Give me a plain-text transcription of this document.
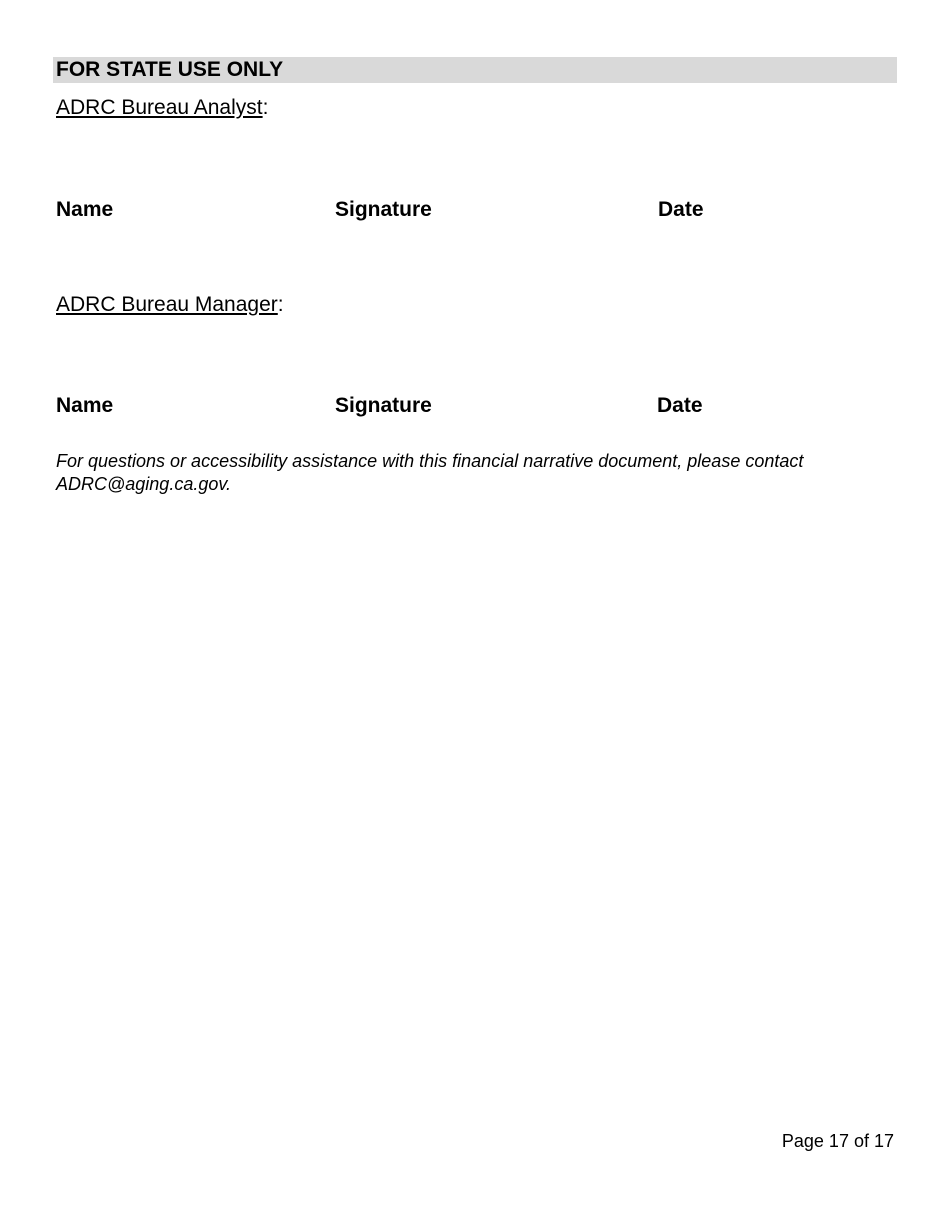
FOR STATE USE ONLY
ADRC Bureau Analyst:
Name	Signature	Date
ADRC Bureau Manager:
Name	Signature	Date
For questions or accessibility assistance with this financial narrative document, please contact
ADRC@aging.ca.gov.
Page 17 of 17
